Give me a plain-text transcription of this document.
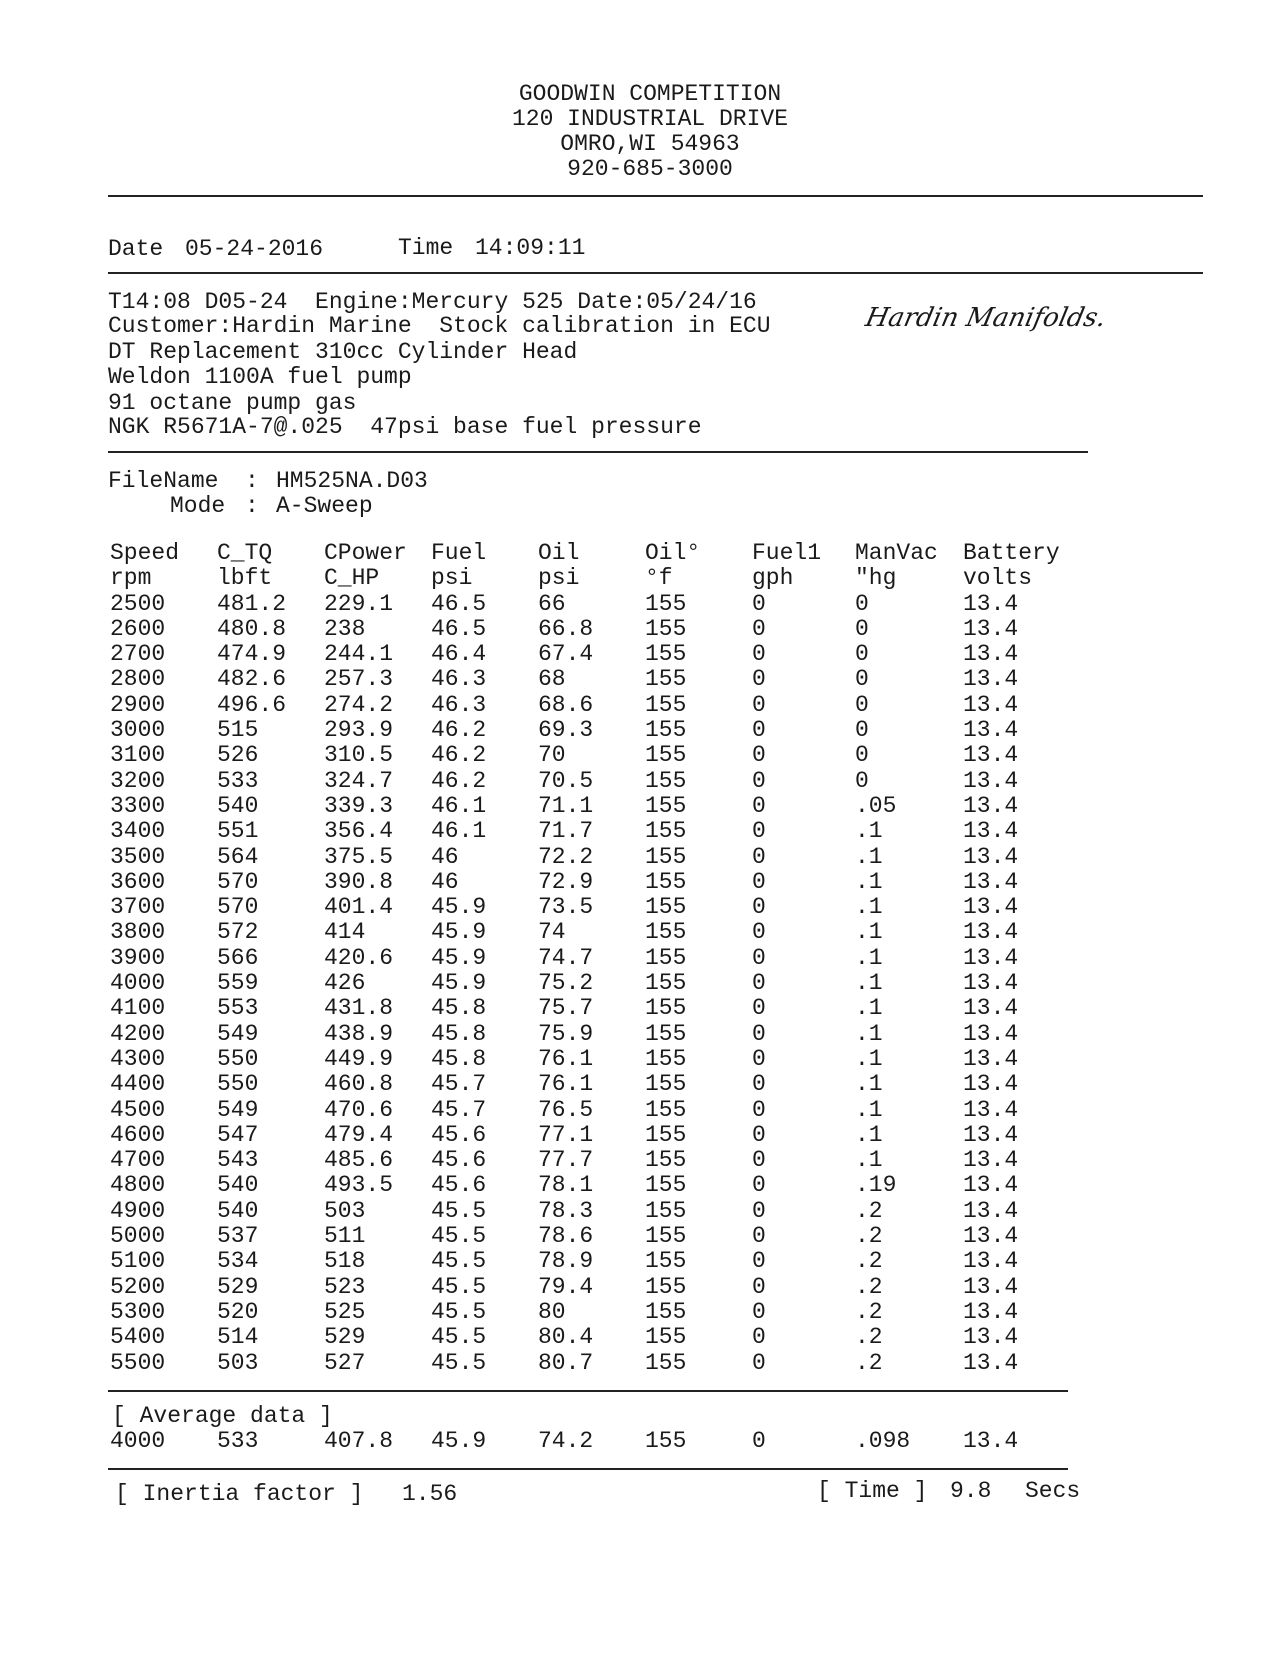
GOODWIN COMPETITION
120 INDUSTRIAL DRIVE
OMRO,WI 54963
920-685-3000
Date 05-24-2016	Time 14:09:11
T14:08 D05-24  Engine:Mercury 525 Date:05/24/16
Customer:Hardin Marine  Stock calibration in ECU	Hardin Manifolds.
DT Replacement 310cc Cylinder Head
Weldon 1100A fuel pump
91 octane pump gas
NGK R5671A-7@.025  47psi base fuel pressure
FileName : HM525NA.D03
Mode : A-Sweep
Speed	C_TQ	CPower	Fuel	Oil	Oil°	Fuel1	ManVac	Battery
rpm	lbft	C_HP	psi	psi	°f	gph	"hg	volts
2500	481.2	229.1	46.5	66	155	0	0	13.4
2600	480.8	238	46.5	66.8	155	0	0	13.4
2700	474.9	244.1	46.4	67.4	155	0	0	13.4
2800	482.6	257.3	46.3	68	155	0	0	13.4
2900	496.6	274.2	46.3	68.6	155	0	0	13.4
3000	515	293.9	46.2	69.3	155	0	0	13.4
3100	526	310.5	46.2	70	155	0	0	13.4
3200	533	324.7	46.2	70.5	155	0	0	13.4
3300	540	339.3	46.1	71.1	155	0	.05	13.4
3400	551	356.4	46.1	71.7	155	0	.1	13.4
3500	564	375.5	46	72.2	155	0	.1	13.4
3600	570	390.8	46	72.9	155	0	.1	13.4
3700	570	401.4	45.9	73.5	155	0	.1	13.4
3800	572	414	45.9	74	155	0	.1	13.4
3900	566	420.6	45.9	74.7	155	0	.1	13.4
4000	559	426	45.9	75.2	155	0	.1	13.4
4100	553	431.8	45.8	75.7	155	0	.1	13.4
4200	549	438.9	45.8	75.9	155	0	.1	13.4
4300	550	449.9	45.8	76.1	155	0	.1	13.4
4400	550	460.8	45.7	76.1	155	0	.1	13.4
4500	549	470.6	45.7	76.5	155	0	.1	13.4
4600	547	479.4	45.6	77.1	155	0	.1	13.4
4700	543	485.6	45.6	77.7	155	0	.1	13.4
4800	540	493.5	45.6	78.1	155	0	.19	13.4
4900	540	503	45.5	78.3	155	0	.2	13.4
5000	537	511	45.5	78.6	155	0	.2	13.4
5100	534	518	45.5	78.9	155	0	.2	13.4
5200	529	523	45.5	79.4	155	0	.2	13.4
5300	520	525	45.5	80	155	0	.2	13.4
5400	514	529	45.5	80.4	155	0	.2	13.4
5500	503	527	45.5	80.7	155	0	.2	13.4
[ Average data ]
4000	533	407.8	45.9	74.2	155	0	.098	13.4
[ Inertia factor ] 1.56	[ Time ] 9.8 Secs
